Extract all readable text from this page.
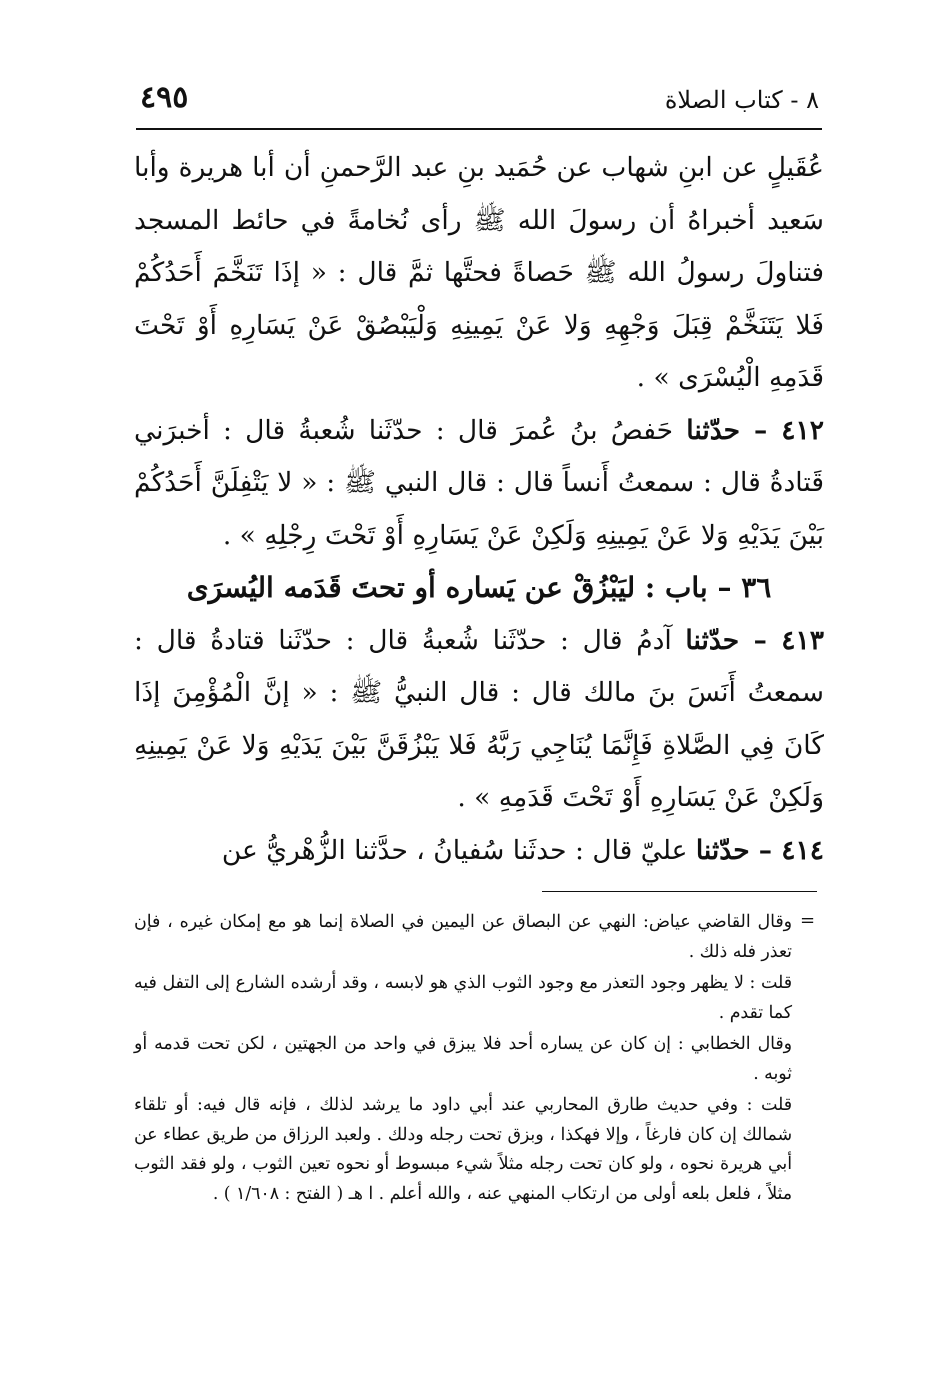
٤٩٥	٨ - كتاب الصلاة

عُقَيلٍ عن ابنِ شهاب عن حُمَيد بنِ عبد الرَّحمنِ أن أبا هريرة وأبا سَعيد أخبراهُ أن رسولَ الله ﷺ رأى نُخامةً في حائط المسجد فتناولَ رسولُ الله ﷺ حَصاةً فحتَّها ثمَّ قال : « إذَا تَنَخَّمَ أَحَدُكُمْ فَلا يَتَنَخَّمْ قِبَلَ وَجْهِهِ وَلا عَنْ يَمِينِهِ وَلْيَبْصُقْ عَنْ يَسَارِهِ أَوْ تَحْتَ قَدَمِهِ الْيُسْرَى » .

٤١٢ – حدّثنا حَفصُ بنُ عُمرَ قال : حدّثَنا شُعبةُ قال : أخبرَني قَتادةُ قال : سمعتُ أَنساً قال : قال النبي ﷺ : « لا يَتْفِلَنَّ أَحَدُكُمْ بَيْنَ يَدَيْهِ وَلا عَنْ يَمِينِهِ وَلَكِنْ عَنْ يَسَارِهِ أَوْ تَحْتَ رِجْلِهِ » .

٣٦ – باب : ليَبْزُقْ عن يَساره أو تحتَ قَدَمه اليُسرَى

٤١٣ – حدّثنا آدمُ قال : حدّثَنا شُعبةُ قال : حدّثَنا قتادةُ قال : سمعتُ أَنَسَ بنَ مالك قال : قال النبيُّ ﷺ : « إنَّ الْمُؤْمِنَ إذَا كَانَ فِي الصَّلاةِ فَإِنَّمَا يُنَاجِي رَبَّهُ فَلا يَبْزُقَنَّ بَيْنَ يَدَيْهِ وَلا عَنْ يَمِينِهِ وَلَكِنْ عَنْ يَسَارِهِ أَوْ تَحْتَ قَدَمِهِ » .

٤١٤ – حدّثنا عليّ قال : حدثَنا سُفيانُ ، حدَّثنا الزُّهْريُّ عن

=

وقال القاضي عياض: النهي عن البصاق عن اليمين في الصلاة إنما هو مع إمكان غيره ، فإن تعذر فله ذلك .

قلت : لا يظهر وجود التعذر مع وجود الثوب الذي هو لابسه ، وقد أرشده الشارع إلى التفل فيه كما تقدم .

وقال الخطابي : إن كان عن يساره أحد فلا يبزق في واحد من الجهتين ، لكن تحت قدمه أو ثوبه .

قلت : وفي حديث طارق المحاربي عند أبي داود ما يرشد لذلك ، فإنه قال فيه: أو تلقاء شمالك إن كان فارغاً ، وإلا فهكذا ، وبزق تحت رجله ودلك . ولعبد الرزاق من طريق عطاء عن أبي هريرة نحوه ، ولو كان تحت رجله مثلاً شيء مبسوط أو نحوه تعين الثوب ، ولو فقد الثوب مثلاً ، فلعل بلعه أولى من ارتكاب المنهي عنه ، والله أعلم . ا هـ ( الفتح : ١/٦٠٨ ) .
